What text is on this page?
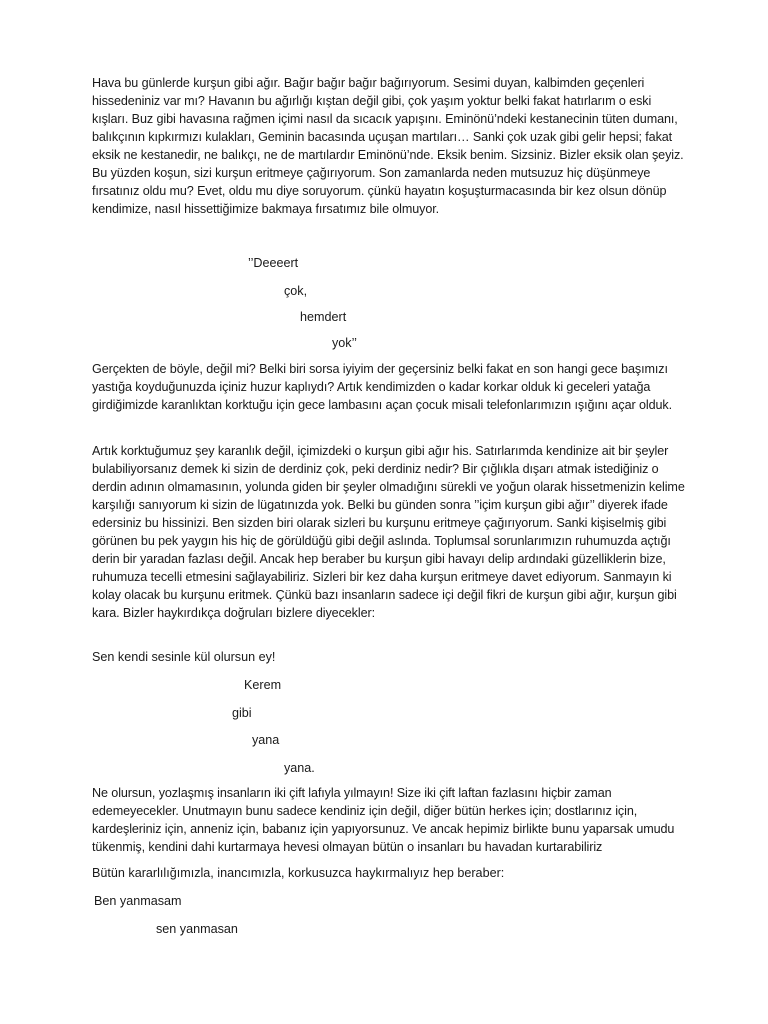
Hava bu günlerde kurşun gibi ağır. Bağır bağır bağır bağırıyorum. Sesimi duyan, kalbimden geçenleri hissedeniniz var mı? Havanın bu ağırlığı kıştan değil gibi, çok yaşım yoktur belki fakat hatırlarım o eski kışları. Buz gibi havasına rağmen içimi nasıl da sıcacık yapışını. Eminönü’ndeki kestanecinin tüten dumanı, balıkçının kıpkırmızı kulakları, Geminin bacasında uçuşan martıları… Sanki çok uzak gibi gelir hepsi; fakat eksik ne kestanedir, ne balıkçı, ne de martılardır Eminönü’nde. Eksik benim. Sizsiniz. Bizler eksik olan şeyiz. Bu yüzden koşun, sizi kurşun eritmeye çağırıyorum. Son zamanlarda neden mutsuzuz hiç düşünmeye fırsatınız oldu mu? Evet, oldu mu diye soruyorum. çünkü hayatın koşuşturmacasında bir kez olsun dönüp kendimize, nasıl hissettiğimize bakmaya fırsatımız bile olmuyor.

’’Deeeert
çok,
hemdert
yok’’

Gerçekten de böyle, değil mi? Belki biri sorsa iyiyim der geçersiniz belki fakat en son hangi gece başımızı yastığa koyduğunuzda içiniz huzur kaplıydı? Artık kendimizden o kadar korkar olduk ki geceleri yatağa girdiğimizde karanlıktan korktuğu için gece lambasını açan çocuk misali telefonlarımızın ışığını açar olduk.

Artık korktuğumuz şey karanlık değil, içimizdeki o kurşun gibi ağır his. Satırlarımda kendinize ait bir şeyler bulabiliyorsanız demek ki sizin de derdiniz çok, peki derdiniz nedir? Bir çığlıkla dışarı atmak istediğiniz o derdin adının olmamasının, yolunda giden bir şeyler olmadığını sürekli ve yoğun olarak hissetmenizin kelime karşılığı sanıyorum ki sizin de lügatınızda yok. Belki bu günden sonra ’’içim kurşun gibi ağır’’ diyerek ifade edersiniz bu hissinizi. Ben sizden biri olarak sizleri bu kurşunu eritmeye çağırıyorum. Sanki kişiselmiş gibi görünen bu pek yaygın his hiç de görüldüğü gibi değil aslında. Toplumsal sorunlarımızın ruhumuzda açtığı derin bir yaradan fazlası değil. Ancak hep beraber bu kurşun gibi havayı delip ardındaki güzelliklerin bize, ruhumuza tecelli etmesini sağlayabiliriz. Sizleri bir kez daha kurşun eritmeye davet ediyorum. Sanmayın ki kolay olacak bu kurşunu eritmek. Çünkü bazı insanların sadece içi değil fikri de kurşun gibi ağır, kurşun gibi kara. Bizler haykırdıkça doğruları bizlere diyecekler:

Sen kendi sesinle kül olursun ey!
Kerem
gibi
yana
yana.

Ne olursun, yozlaşmış insanların iki çift lafıyla yılmayın! Size iki çift laftan fazlasını hiçbir zaman edemeyecekler. Unutmayın bunu sadece kendiniz için değil, diğer bütün herkes için; dostlarınız için, kardeşleriniz için, anneniz için, babanız için yapıyorsunuz. Ve ancak hepimiz birlikte bunu yaparsak umudu tükenmiş, kendini dahi kurtarmaya hevesi olmayan bütün o insanları bu havadan kurtarabiliriz

Bütün kararlılığımızla, inancımızla, korkusuzca haykırmalıyız hep beraber:
Ben yanmasam
sen yanmasan
